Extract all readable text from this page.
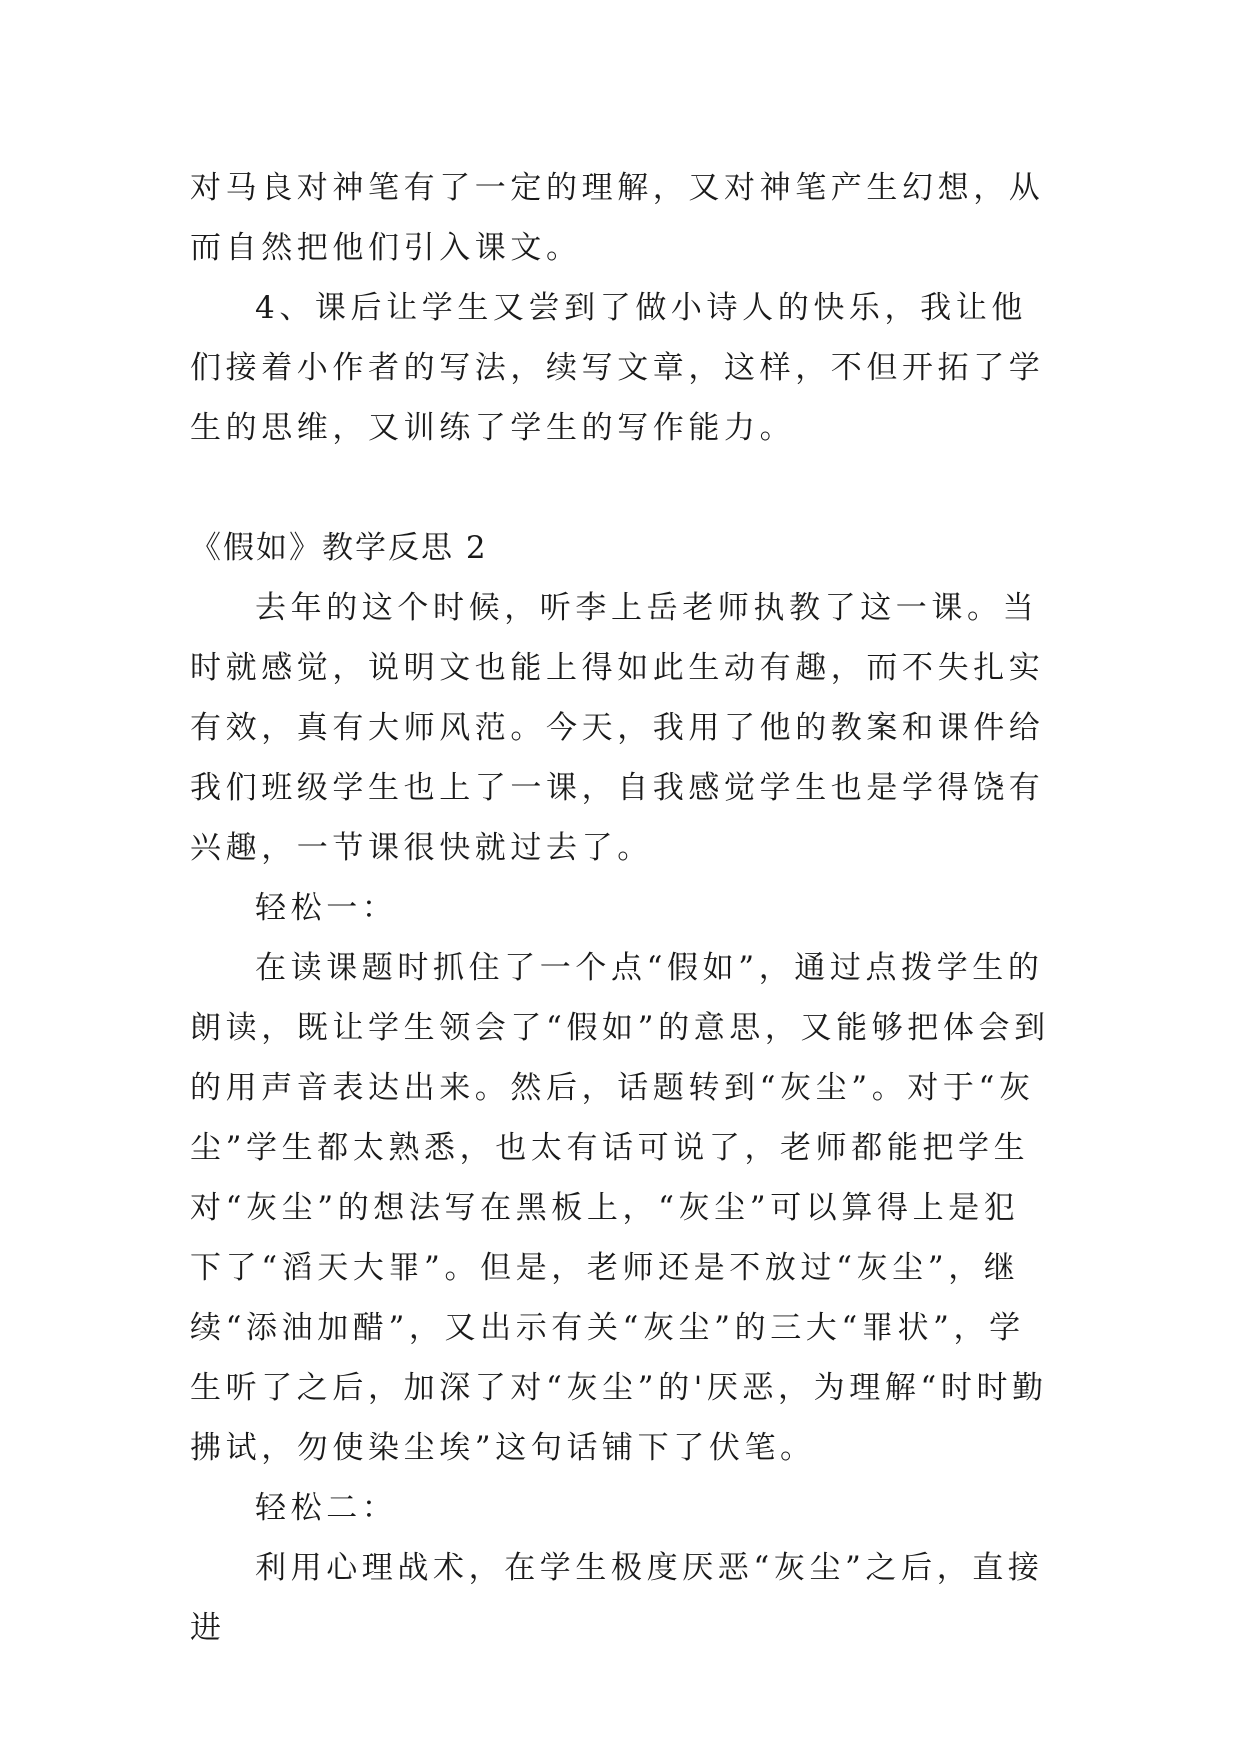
对马良对神笔有了一定的理解，又对神笔产生幻想，从而自然把他们引入课文。

4、课后让学生又尝到了做小诗人的快乐，我让他们接着小作者的写法，续写文章，这样，不但开拓了学生的思维，又训练了学生的写作能力。

《假如》教学反思 2

去年的这个时候，听李上岳老师执教了这一课。当时就感觉，说明文也能上得如此生动有趣，而不失扎实有效，真有大师风范。今天，我用了他的教案和课件给我们班级学生也上了一课，自我感觉学生也是学得饶有兴趣，一节课很快就过去了。

轻松一：

在读课题时抓住了一个点“假如”，通过点拨学生的朗读，既让学生领会了“假如”的意思，又能够把体会到的用声音表达出来。然后，话题转到“灰尘”。对于“灰尘”学生都太熟悉，也太有话可说了，老师都能把学生对“灰尘”的想法写在黑板上，“灰尘”可以算得上是犯下了“滔天大罪”。但是，老师还是不放过“灰尘”，继续“添油加醋”，又出示有关“灰尘”的三大“罪状”，学生听了之后，加深了对“灰尘”的'厌恶，为理解“时时勤拂试，勿使染尘埃”这句话铺下了伏笔。

轻松二：

利用心理战术，在学生极度厌恶“灰尘”之后，直接进
